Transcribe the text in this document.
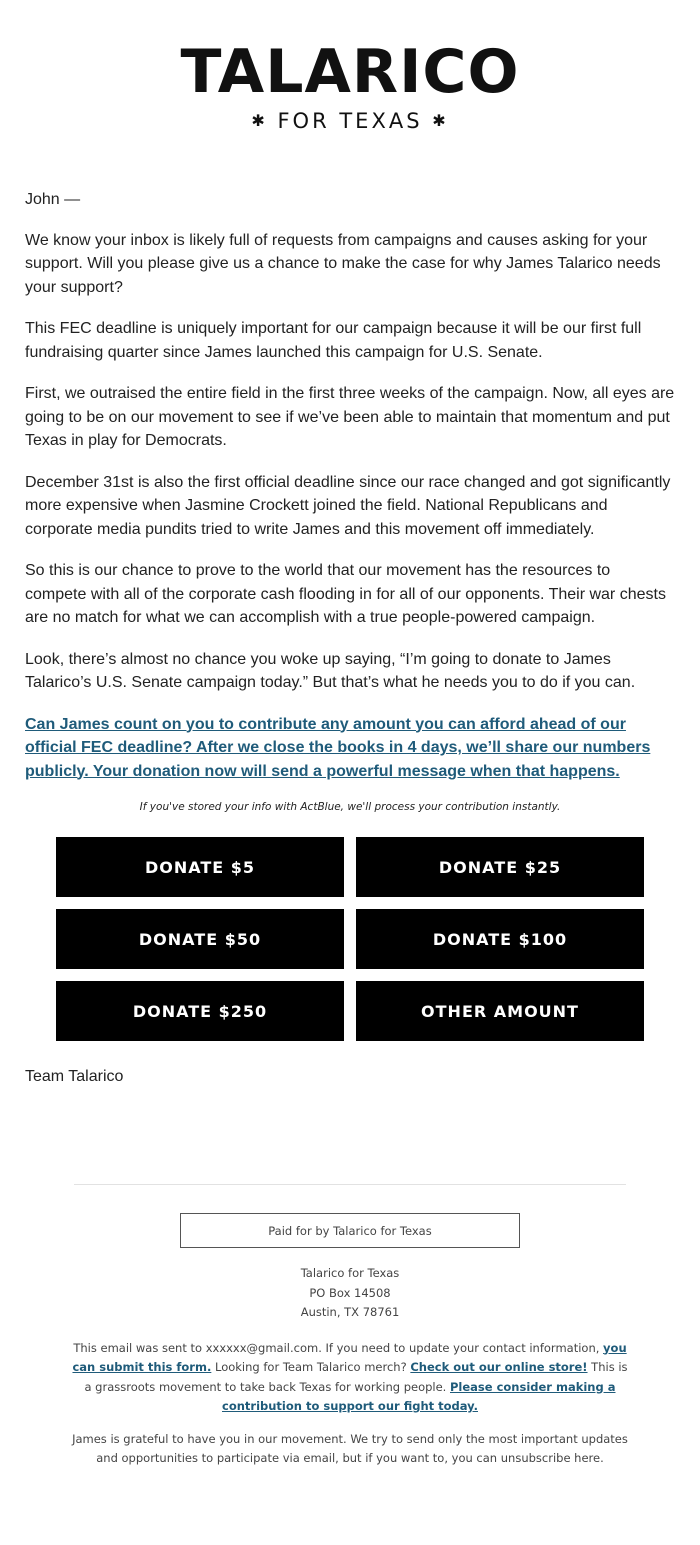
TALARICO
✱ FOR TEXAS ✱

John —

We know your inbox is likely full of requests from campaigns and causes asking for your support. Will you please give us a chance to make the case for why James Talarico needs your support?

This FEC deadline is uniquely important for our campaign because it will be our first full fundraising quarter since James launched this campaign for U.S. Senate.

First, we outraised the entire field in the first three weeks of the campaign. Now, all eyes are going to be on our movement to see if we’ve been able to maintain that momentum and put Texas in play for Democrats.

December 31st is also the first official deadline since our race changed and got significantly more expensive when Jasmine Crockett joined the field. National Republicans and corporate media pundits tried to write James and this movement off immediately.

So this is our chance to prove to the world that our movement has the resources to compete with all of the corporate cash flooding in for all of our opponents. Their war chests are no match for what we can accomplish with a true people-powered campaign.

Look, there’s almost no chance you woke up saying, “I’m going to donate to James Talarico’s U.S. Senate campaign today.” But that’s what he needs you to do if you can.

Can James count on you to contribute any amount you can afford ahead of our official FEC deadline? After we close the books in 4 days, we’ll share our numbers publicly. Your donation now will send a powerful message when that happens.
If you've stored your info with ActBlue, we'll process your contribution instantly.
DONATE $5	DONATE $25
DONATE $50	DONATE $100
DONATE $250	OTHER AMOUNT
Team Talarico
Paid for by Talarico for Texas
Talarico for Texas
PO Box 14508
Austin, TX 78761
This email was sent to xxxxxx@gmail.com. If you need to update your contact information, you can submit this form. Looking for Team Talarico merch? Check out our online store! This is a grassroots movement to take back Texas for working people. Please consider making a contribution to support our fight today.
James is grateful to have you in our movement. We try to send only the most important updates and opportunities to participate via email, but if you want to, you can unsubscribe here.
